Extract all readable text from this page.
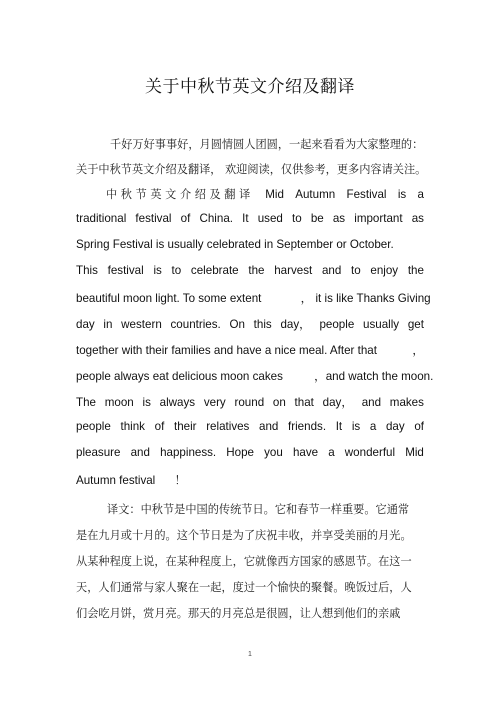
关于中秋节英文介绍及翻译

千好万好事事好，月圆情圆人团圆，一起来看看为大家整理的：

关于中秋节英文介绍及翻译， 欢迎阅读，仅供参考，更多内容请关注。

中秋节英文介绍及翻译 Mid Autumn Festival is a
traditional festival of China. It used to be as important as

Spring Festival is usually celebrated in September or October.

This festival is to celebrate the harvest and to enjoy the
beautiful moon light. To some extent	， it is like Thanks Giving
day in western countries. On this day， people usually get
together with their families and have a nice meal. After that	，
people always eat delicious moon cakes	，and watch the moon.
The moon is always very round on that day， and makes
people think of their relatives and friends. It is a day of
pleasure and happiness. Hope you have a wonderful Mid
Autumn festival ！

译文：中秋节是中国的传统节日。它和春节一样重要。它通常

是在九月或十月的。这个节日是为了庆祝丰收，并享受美丽的月光。

从某种程度上说，在某种程度上，它就像西方国家的感恩节。在这一

天，人们通常与家人聚在一起，度过一个愉快的聚餐。晚饭过后，人

们会吃月饼，赏月亮。那天的月亮总是很圆，让人想到他们的亲戚

1
